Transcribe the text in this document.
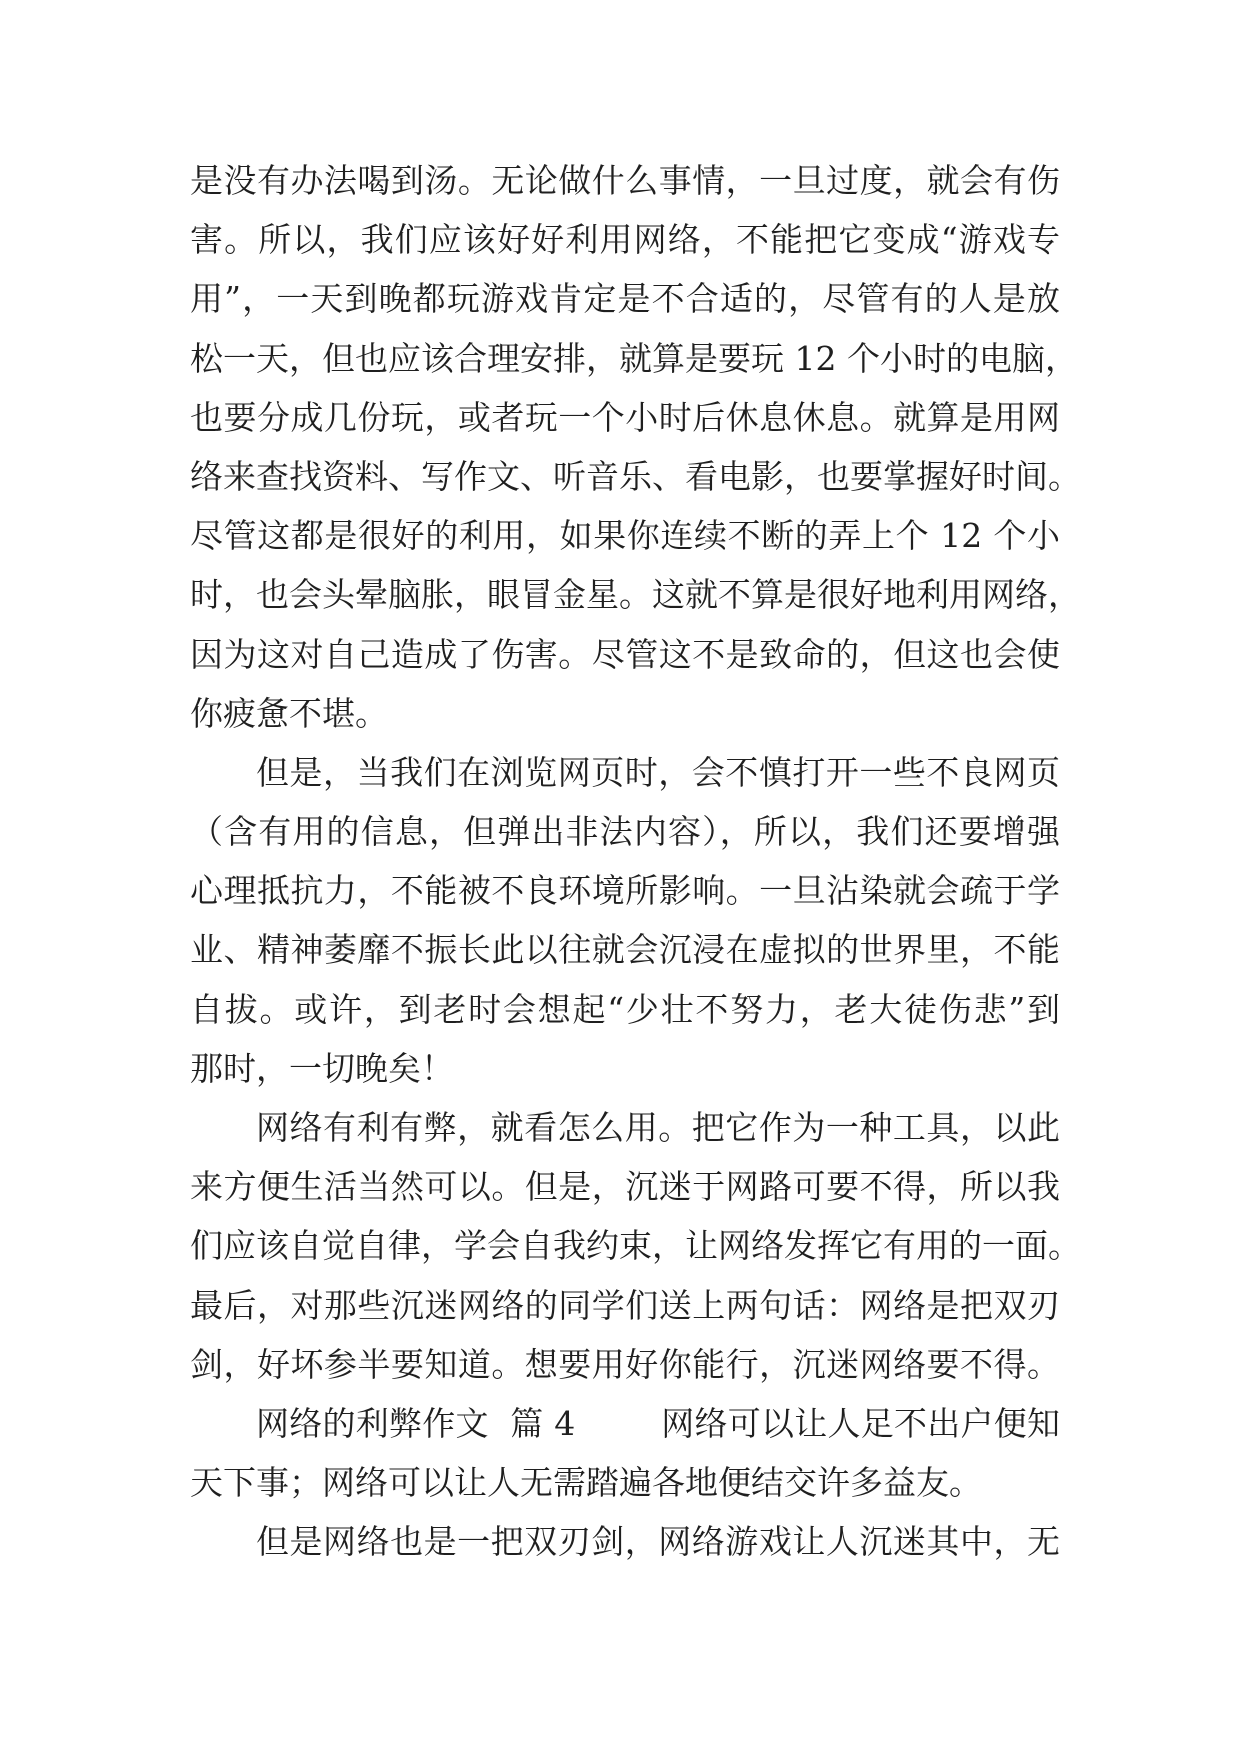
是没有办法喝到汤。无论做什么事情，一旦过度，就会有伤
害。所以，我们应该好好利用网络，不能把它变成“游戏专
用”，一天到晚都玩游戏肯定是不合适的，尽管有的人是放
松一天，但也应该合理安排，就算是要玩 12 个小时的电脑，
也要分成几份玩，或者玩一个小时后休息休息。就算是用网
络来查找资料、写作文、听音乐、看电影，也要掌握好时间。
尽管这都是很好的利用，如果你连续不断的弄上个 12 个小
时，也会头晕脑胀，眼冒金星。这就不算是很好地利用网络，
因为这对自己造成了伤害。尽管这不是致命的，但这也会使
你疲惫不堪。
但是，当我们在浏览网页时，会不慎打开一些不良网页
（含有用的信息，但弹出非法内容），所以，我们还要增强
心理抵抗力，不能被不良环境所影响。一旦沾染就会疏于学
业、精神萎靡不振长此以往就会沉浸在虚拟的世界里，不能
自拔。或许，到老时会想起“少壮不努力，老大徒伤悲”到
那时，一切晚矣！
网络有利有弊，就看怎么用。把它作为一种工具，以此
来方便生活当然可以。但是，沉迷于网路可要不得，所以我
们应该自觉自律，学会自我约束，让网络发挥它有用的一面。
最后，对那些沉迷网络的同学们送上两句话：网络是把双刃
剑，好坏参半要知道。想要用好你能行，沉迷网络要不得。
网络的利弊作文  篇 4        网络可以让人足不出户便知
天下事；网络可以让人无需踏遍各地便结交许多益友。
但是网络也是一把双刃剑，网络游戏让人沉迷其中，无
